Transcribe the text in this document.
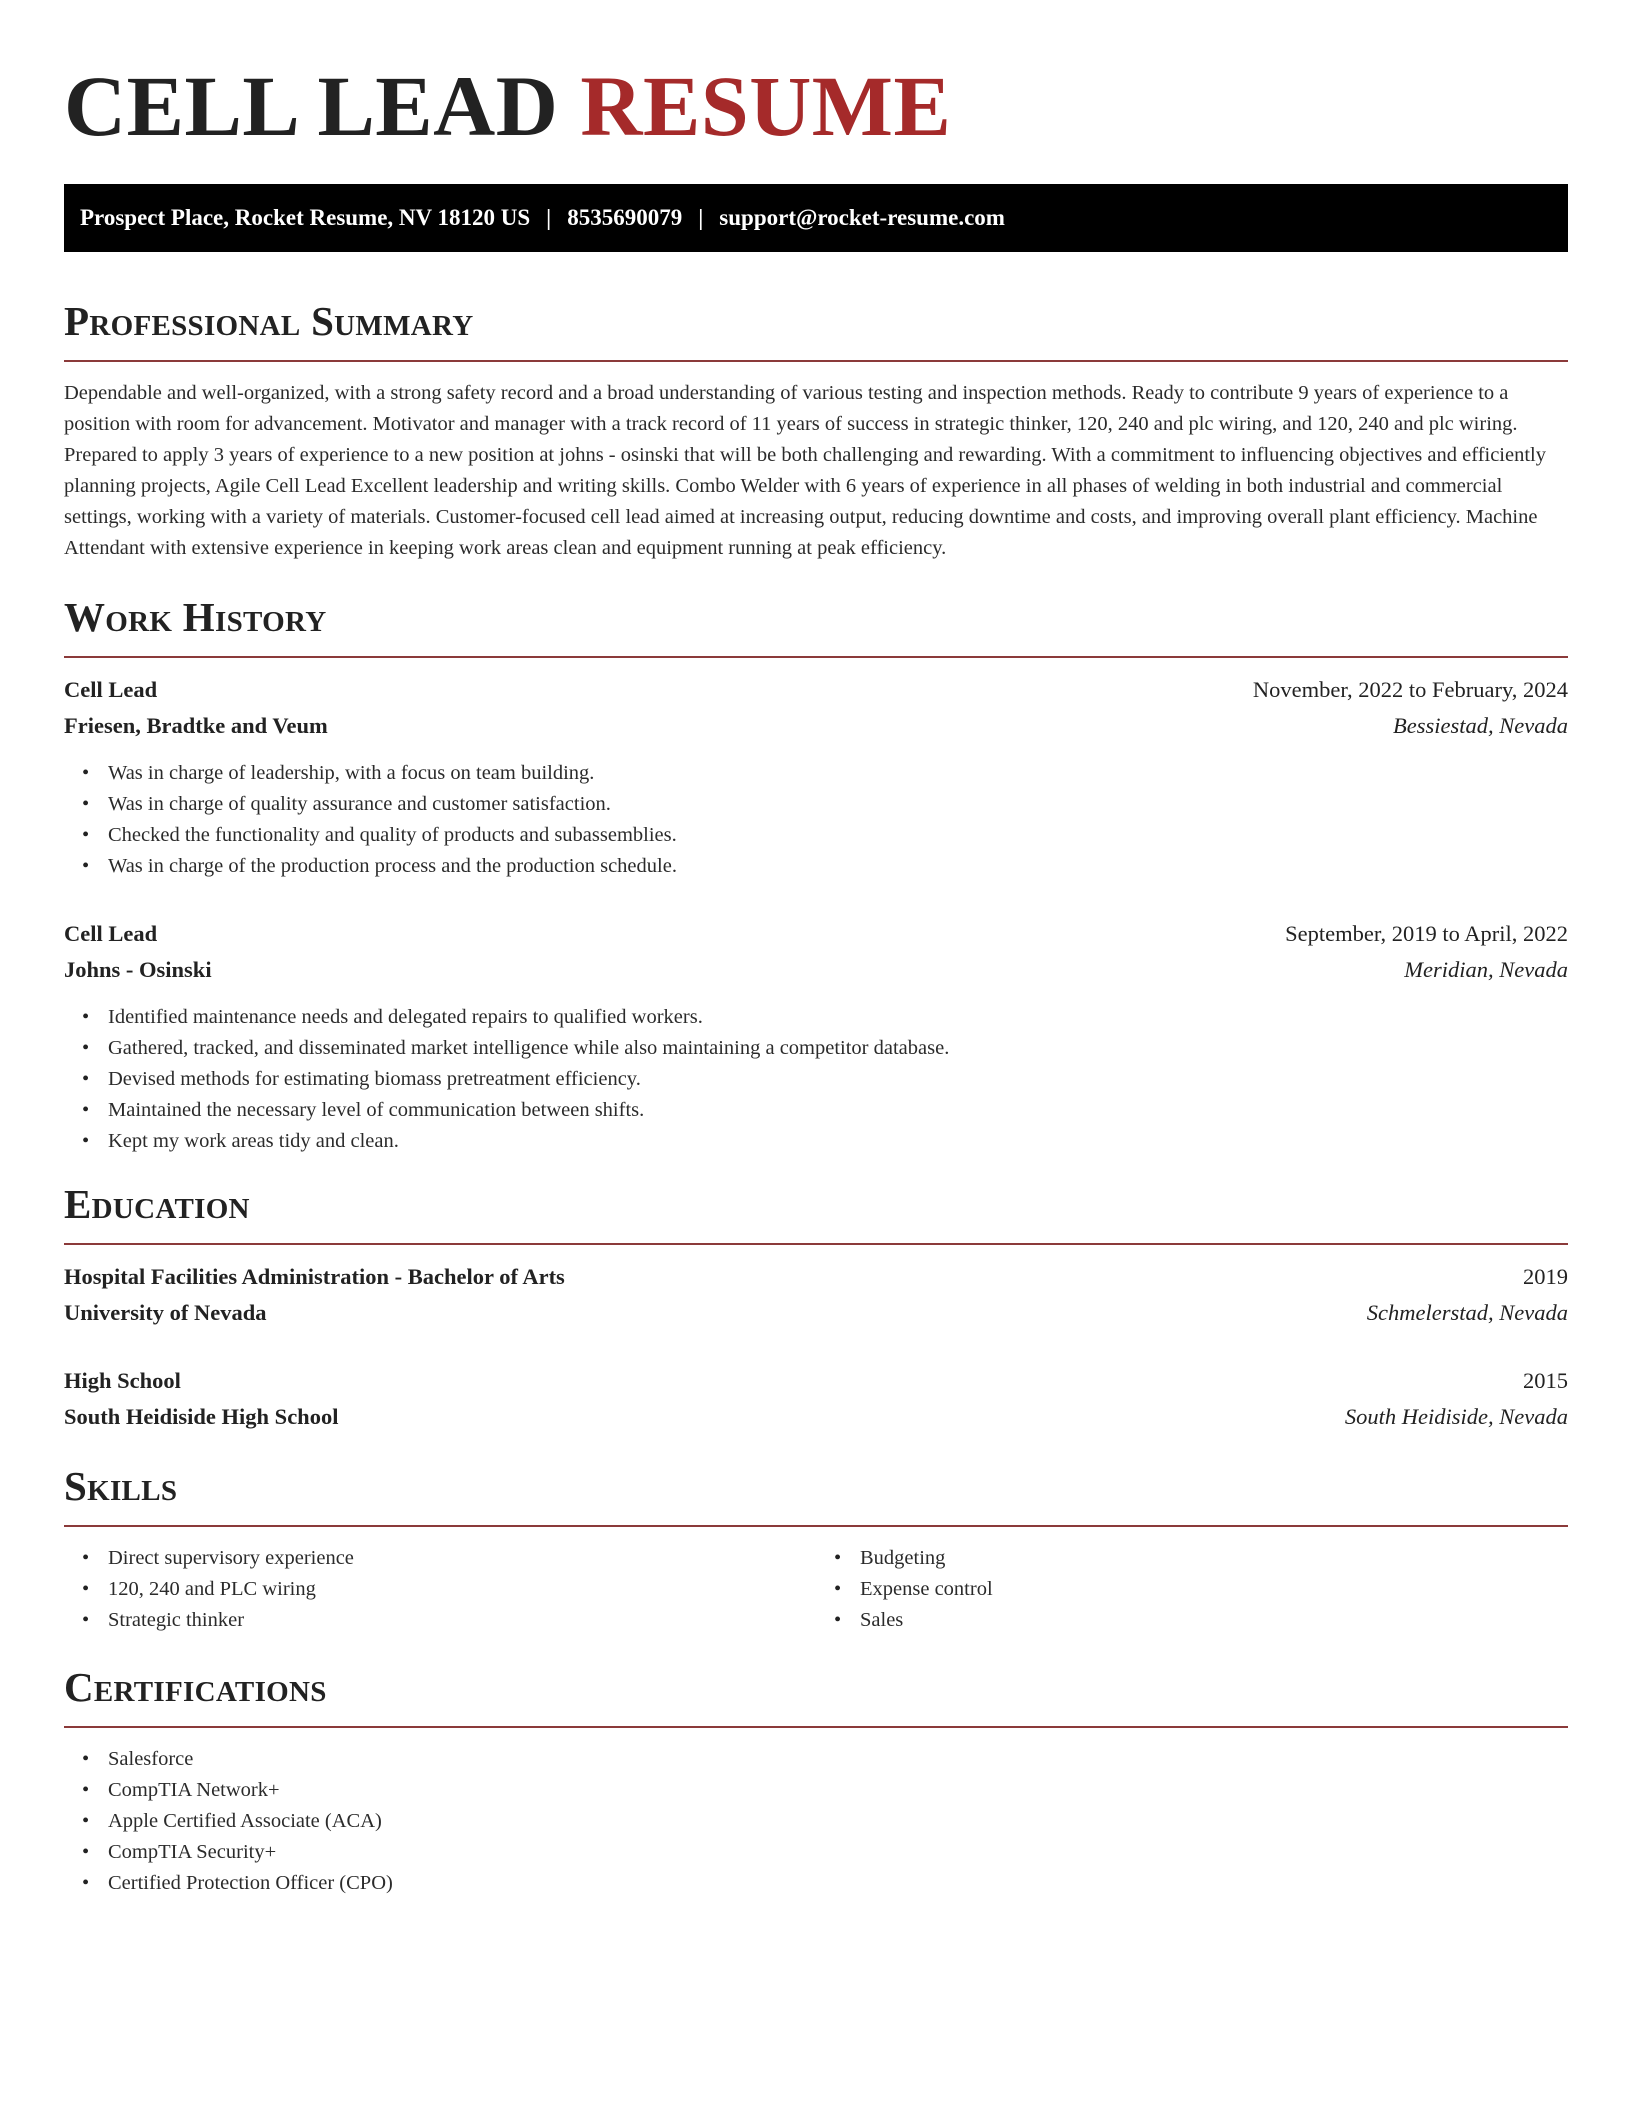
CELL LEAD RESUME
Prospect Place, Rocket Resume, NV 18120 US | 8535690079 | support@rocket-resume.com
Professional Summary

Dependable and well-organized, with a strong safety record and a broad understanding of various testing and inspection methods. Ready to contribute 9 years of experience to a position with room for advancement. Motivator and manager with a track record of 11 years of success in strategic thinker, 120, 240 and plc wiring, and 120, 240 and plc wiring. Prepared to apply 3 years of experience to a new position at johns - osinski that will be both challenging and rewarding. With a commitment to influencing objectives and efficiently planning projects, Agile Cell Lead Excellent leadership and writing skills. Combo Welder with 6 years of experience in all phases of welding in both industrial and commercial settings, working with a variety of materials. Customer-focused cell lead aimed at increasing output, reducing downtime and costs, and improving overall plant efficiency. Machine Attendant with extensive experience in keeping work areas clean and equipment running at peak efficiency.

Work History
Cell Lead	November, 2022 to February, 2024
Friesen, Bradtke and Veum	Bessiestad, Nevada
• Was in charge of leadership, with a focus on team building.
• Was in charge of quality assurance and customer satisfaction.
• Checked the functionality and quality of products and subassemblies.
• Was in charge of the production process and the production schedule.
Cell Lead	September, 2019 to April, 2022
Johns - Osinski	Meridian, Nevada
• Identified maintenance needs and delegated repairs to qualified workers.
• Gathered, tracked, and disseminated market intelligence while also maintaining a competitor database.
• Devised methods for estimating biomass pretreatment efficiency.
• Maintained the necessary level of communication between shifts.
• Kept my work areas tidy and clean.
Education
Hospital Facilities Administration - Bachelor of Arts	2019
University of Nevada	Schmelerstad, Nevada
High School	2015
South Heidiside High School	South Heidiside, Nevada
Skills
• Direct supervisory experience
• 120, 240 and PLC wiring
• Strategic thinker
• Budgeting
• Expense control
• Sales
Certifications
• Salesforce
• CompTIA Network+
• Apple Certified Associate (ACA)
• CompTIA Security+
• Certified Protection Officer (CPO)
